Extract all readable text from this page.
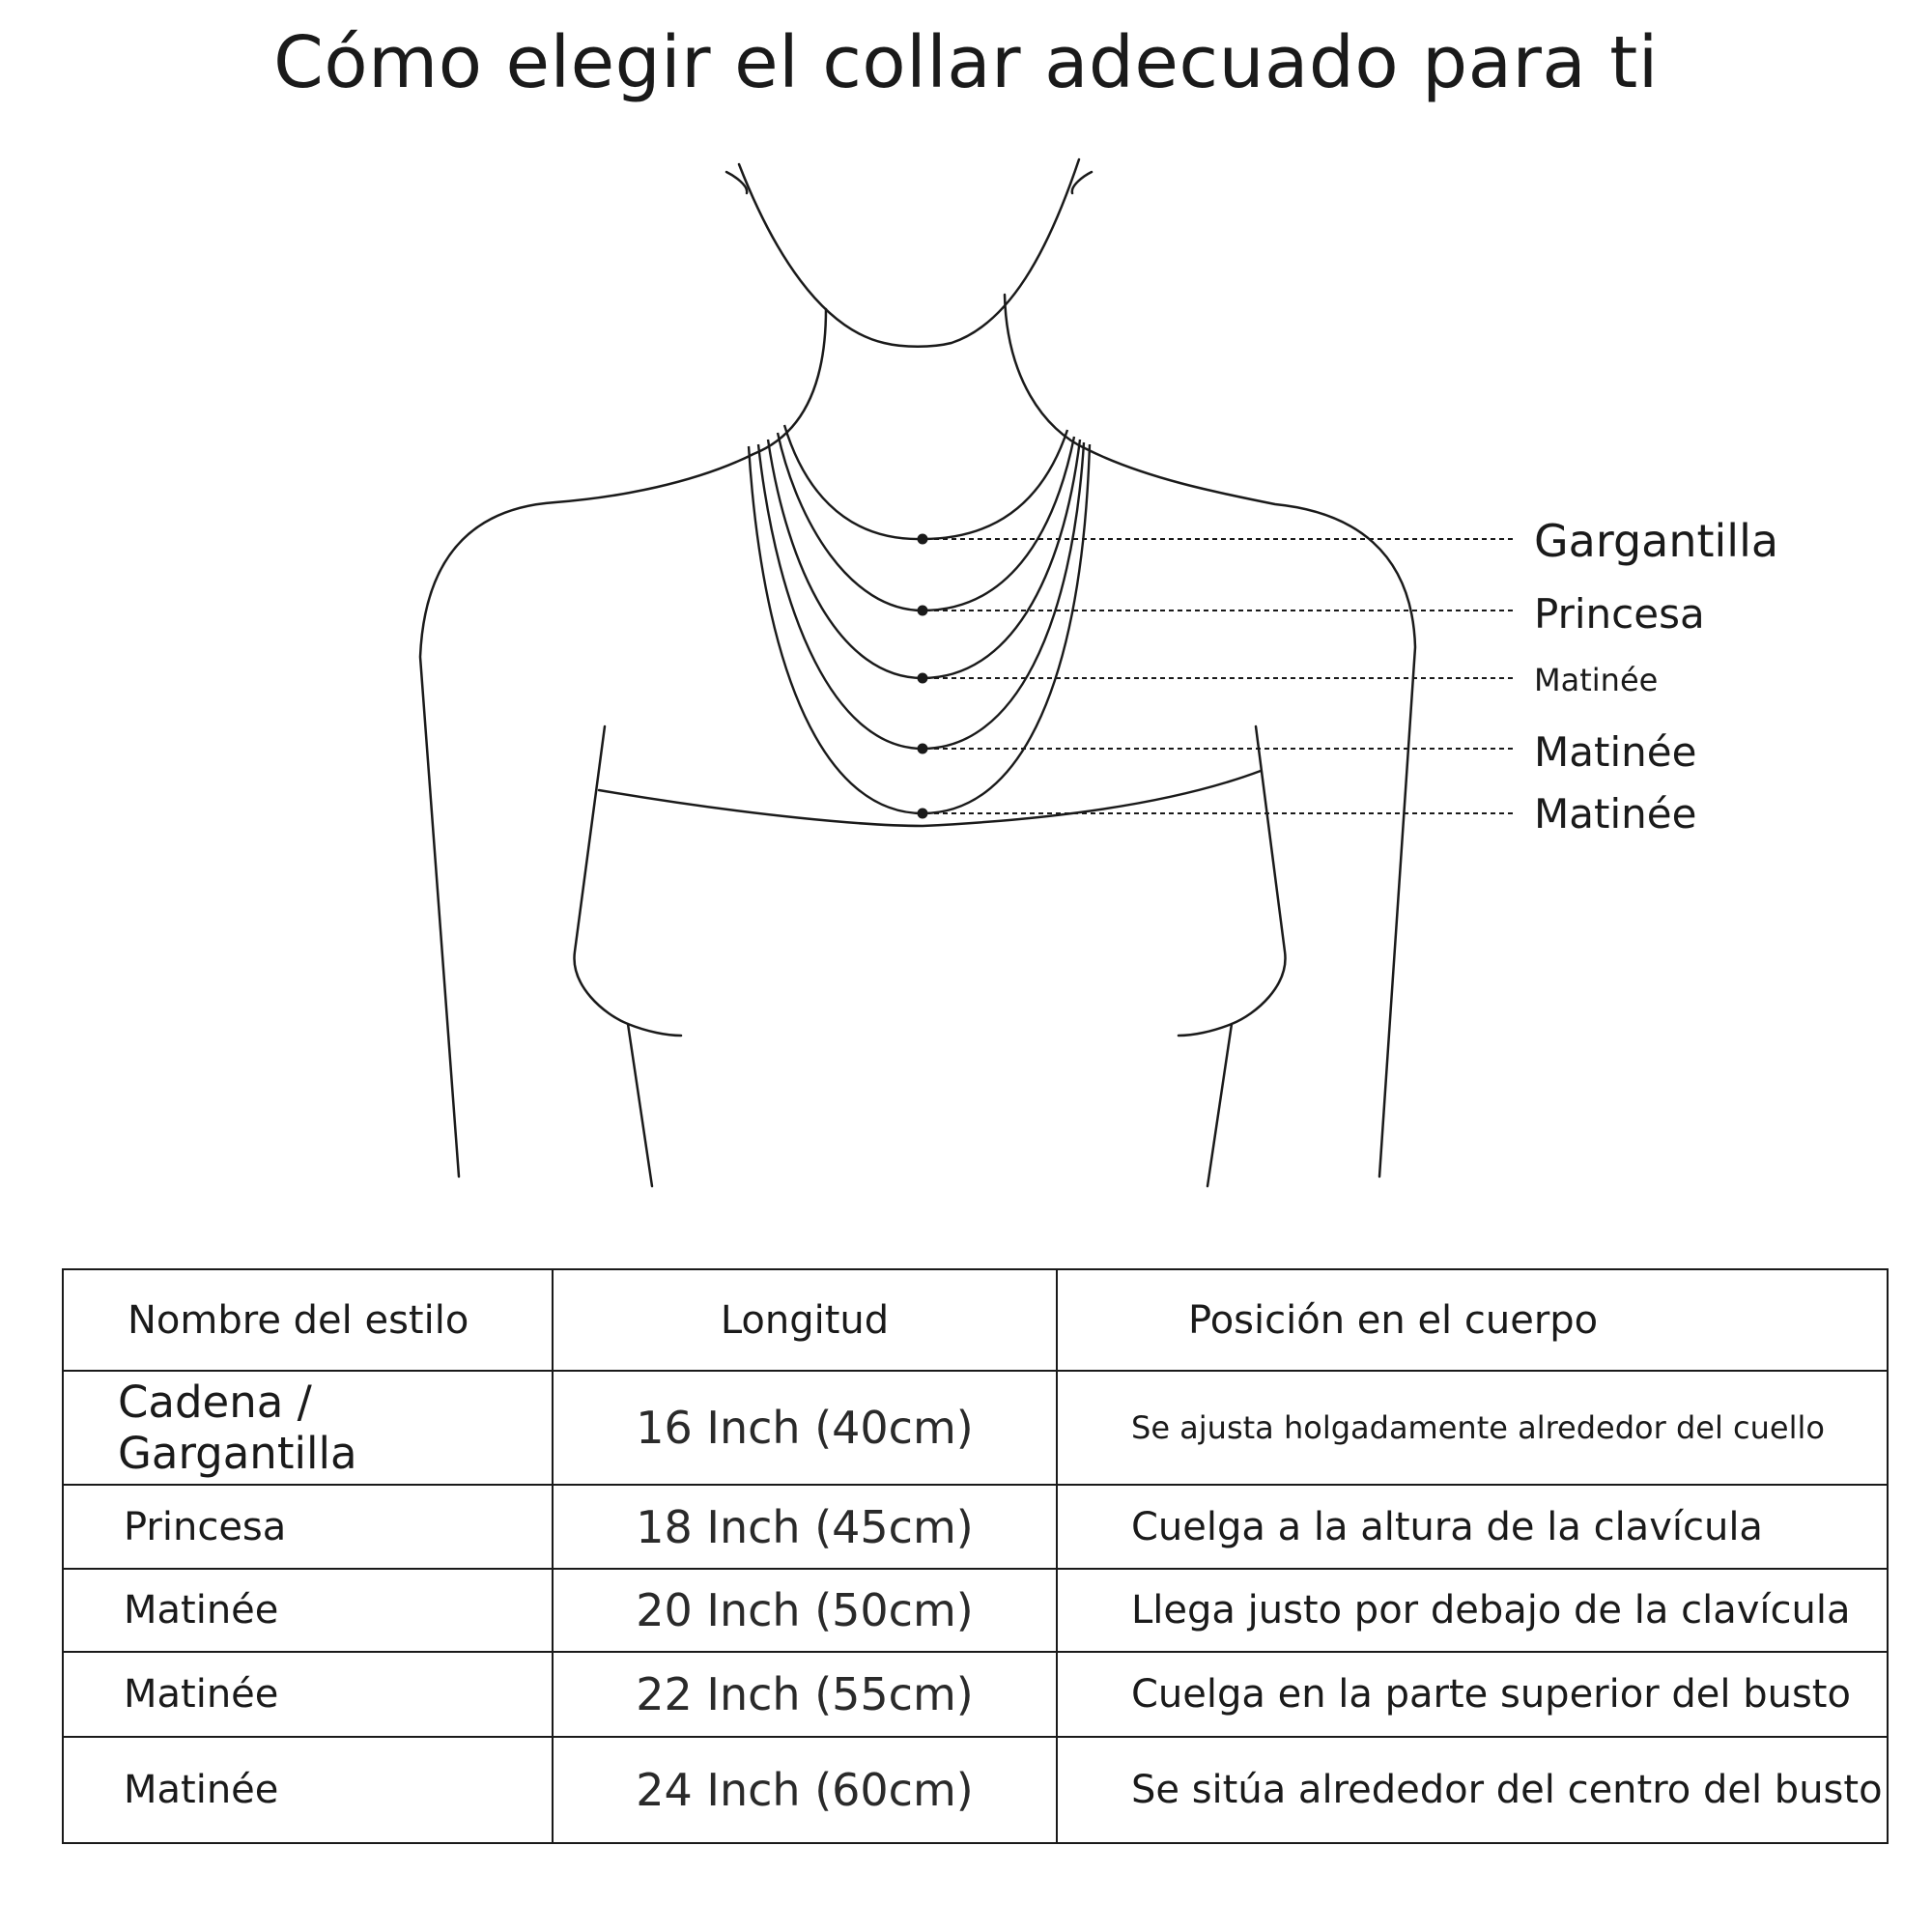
Cómo elegir el collar adecuado para ti
Gargantilla
Princesa
Matinée
Matinée
Matinée
Nombre del estilo	Longitud	Posición en el cuerpo
Cadena / Gargantilla	16 Inch (40cm)	Se ajusta holgadamente alrededor del cuello
Princesa	18 Inch (45cm)	Cuelga a la altura de la clavícula
Matinée	20 Inch (50cm)	Llega justo por debajo de la clavícula
Matinée	22 Inch (55cm)	Cuelga en la parte superior del busto
Matinée	24 Inch (60cm)	Se sitúa alrededor del centro del busto
